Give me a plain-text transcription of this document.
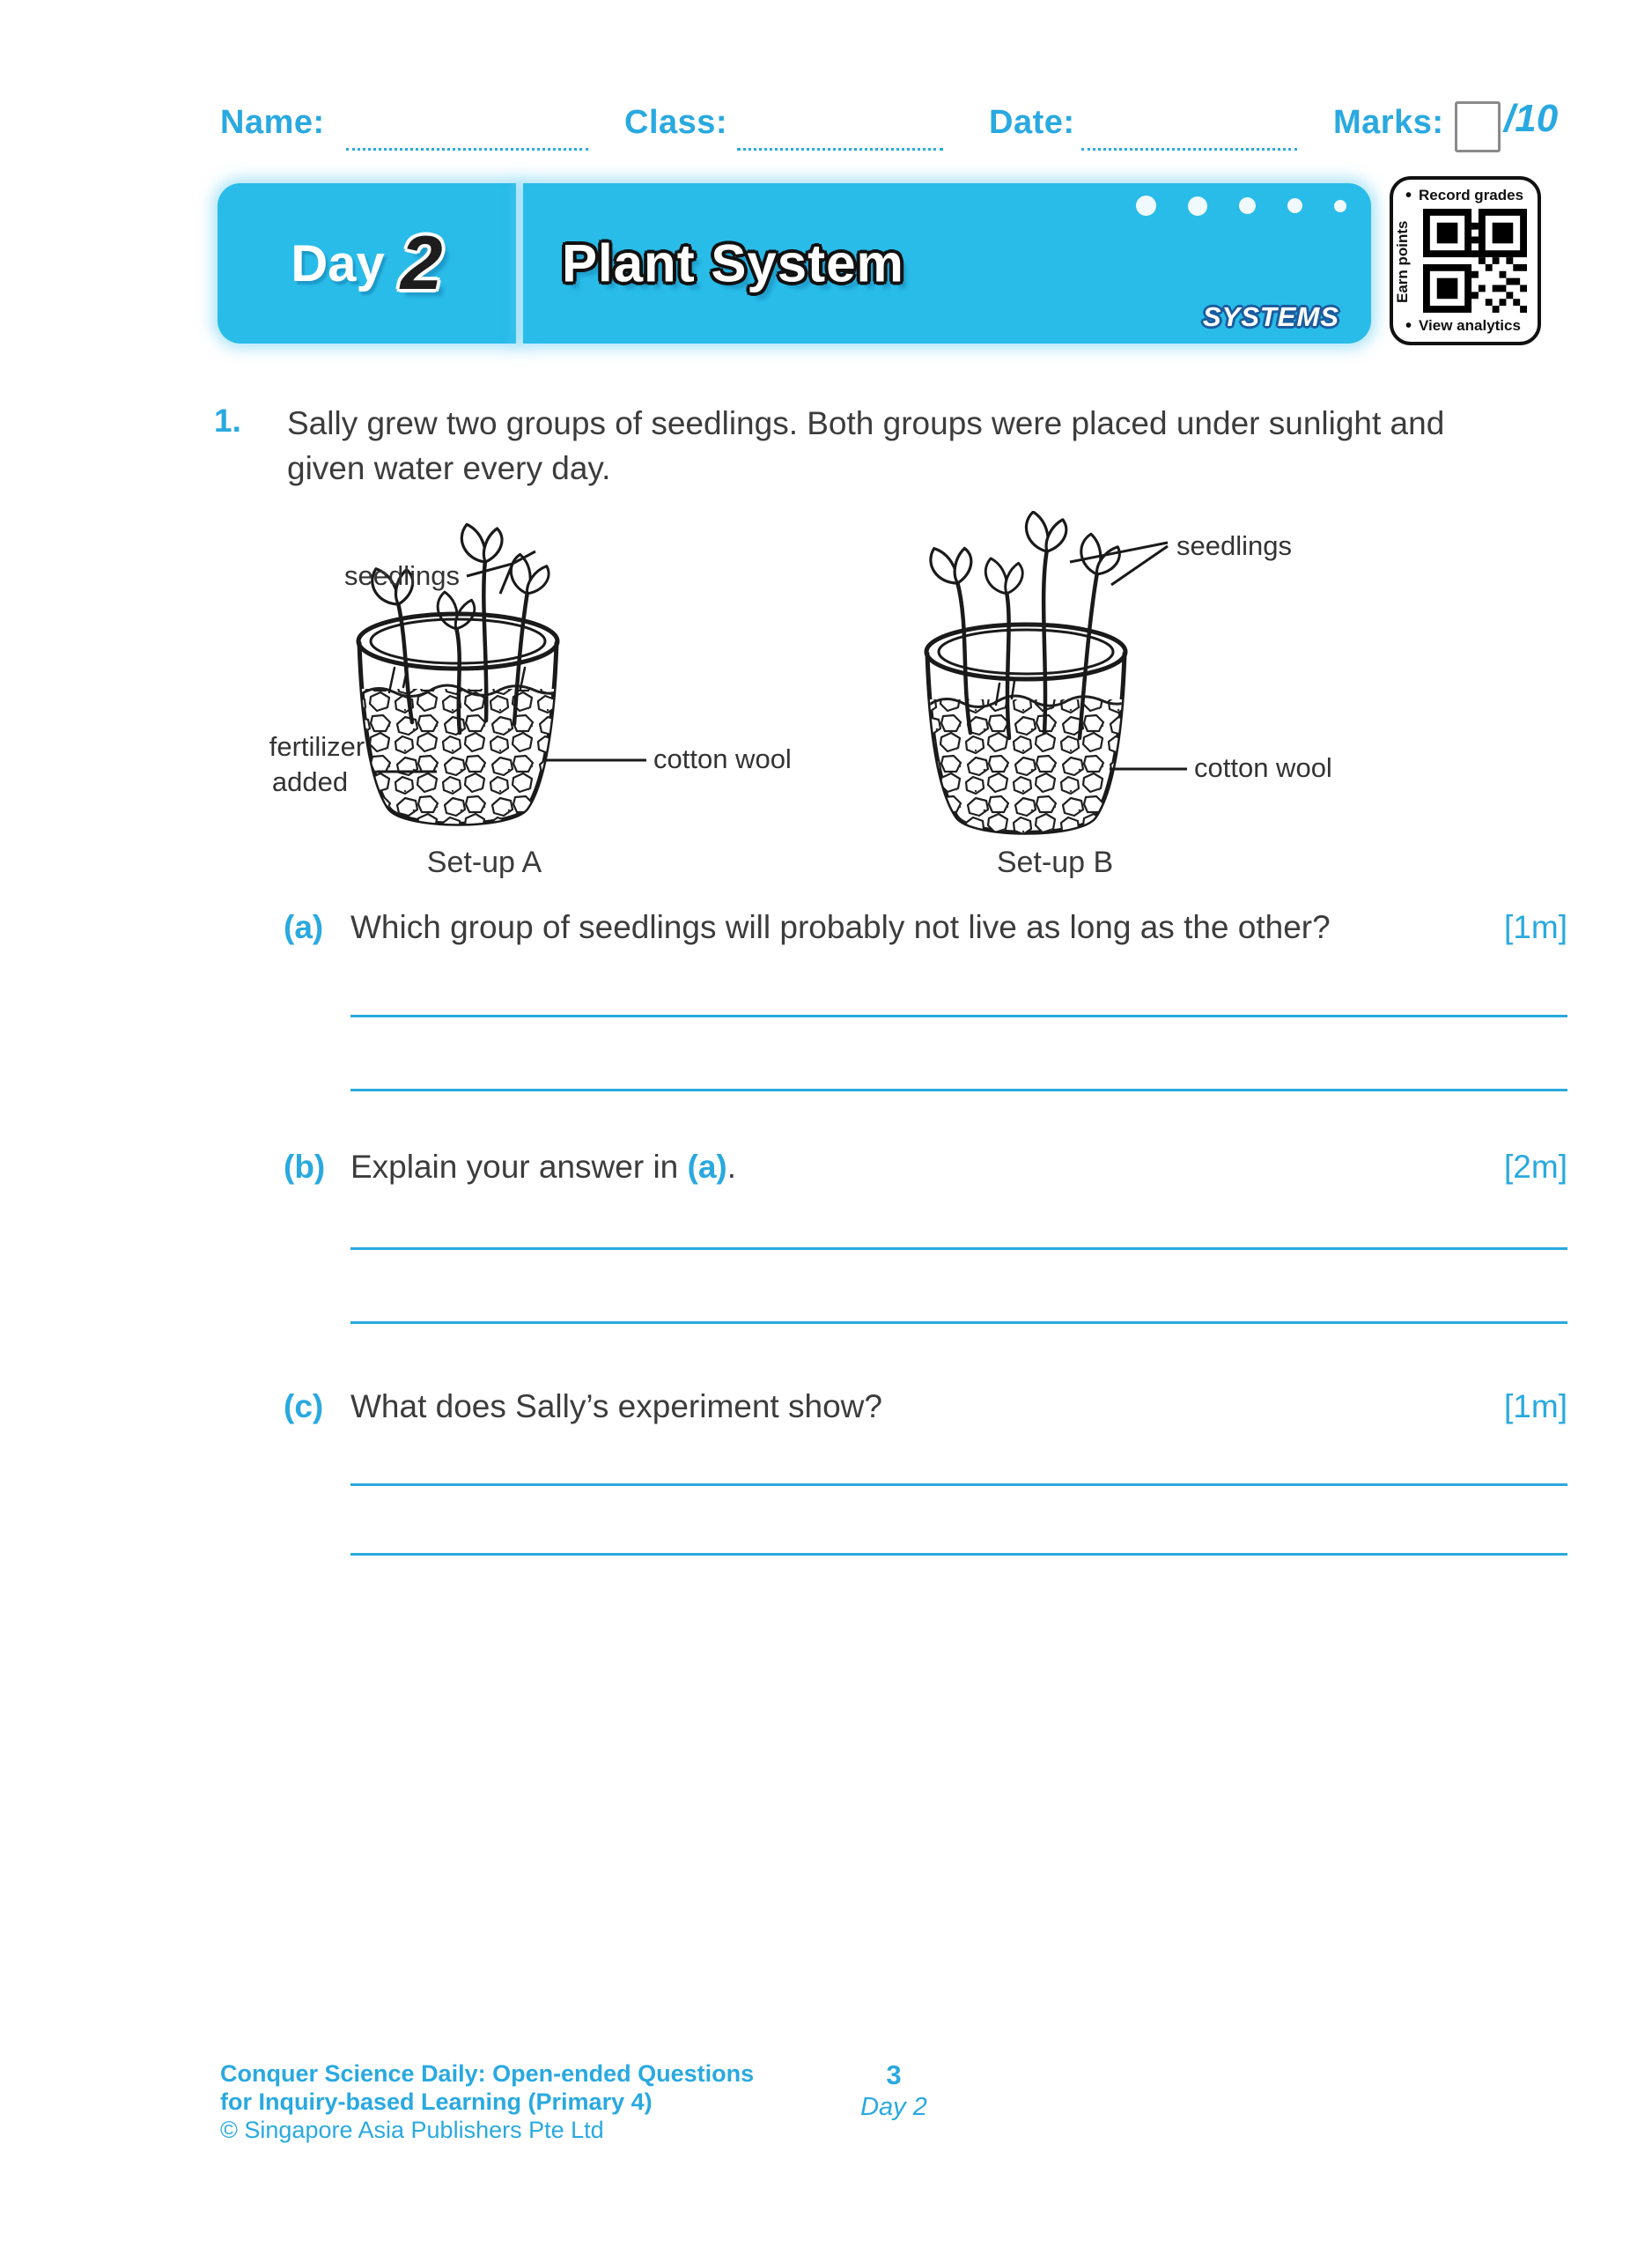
Name:	Class:	Date:	Marks: /10
Day 2 Plant System
SYSTEMS
• Record grades
Earn points
• View analytics
1. Sally grew two groups of seedlings. Both groups were placed under sunlight and
given water every day.
seedlings
fertilizer
added
cotton wool
Set-up A
seedlings
cotton wool
Set-up B
(a) Which group of seedlings will probably not live as long as the other?	[1m]
(b) Explain your answer in (a).	[2m]
(c) What does Sally’s experiment show?	[1m]
Conquer Science Daily: Open-ended Questions
for Inquiry-based Learning (Primary 4)
© Singapore Asia Publishers Pte Ltd
3
Day 2
